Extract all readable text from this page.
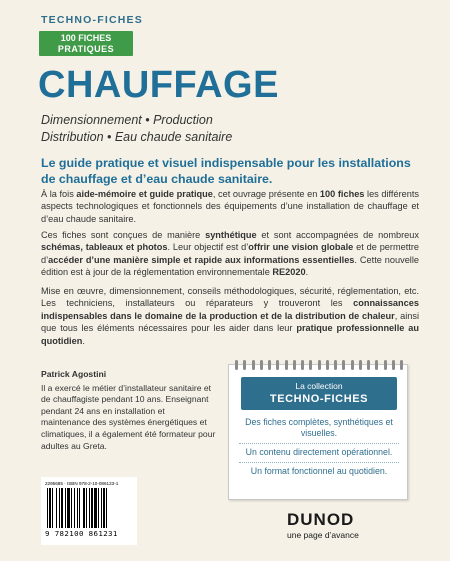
TECHNO-FICHES
100 FICHES
PRATIQUES
CHAUFFAGE
Dimensionnement • Production
Distribution • Eau chaude sanitaire
Le guide pratique et visuel indispensable pour les installations de chauffage et d’eau chaude sanitaire.
À la fois aide-mémoire et guide pratique, cet ouvrage présente en 100 fiches les différents aspects technologiques et fonctionnels des équipements d’une installation de chauffage et d’eau chaude sanitaire.
Ces fiches sont conçues de manière synthétique et sont accompagnées de nombreux schémas, tableaux et photos. Leur objectif est d’offrir une vision globale et de permettre d’accéder d’une manière simple et rapide aux informations essentielles. Cette nouvelle édition est à jour de la réglementation environnementale RE2020.
Mise en œuvre, dimensionnement, conseils méthodologiques, sécurité, réglementation, etc. Les techniciens, installateurs ou réparateurs y trouveront les connaissances indispensables dans le domaine de la production et de la distribution de chaleur, ainsi que tous les éléments nécessaires pour les aider dans leur pratique professionnelle au quotidien.
Patrick Agostini
Il a exercé le métier d’installateur sanitaire et de chauffagiste pendant 10 ans. Enseignant pendant 24 ans en installation et maintenance des systèmes énergétiques et climatiques, il a également été formateur pour adultes au Greta.
La collection
TECHNO-FICHES
Des fiches complètes, synthétiques et visuelles.
Un contenu directement opérationnel.
Un format fonctionnel au quotidien.
2295685 · ISBN 978-2-10-086123-1
9 782100 861231
DUNOD
une page d’avance
